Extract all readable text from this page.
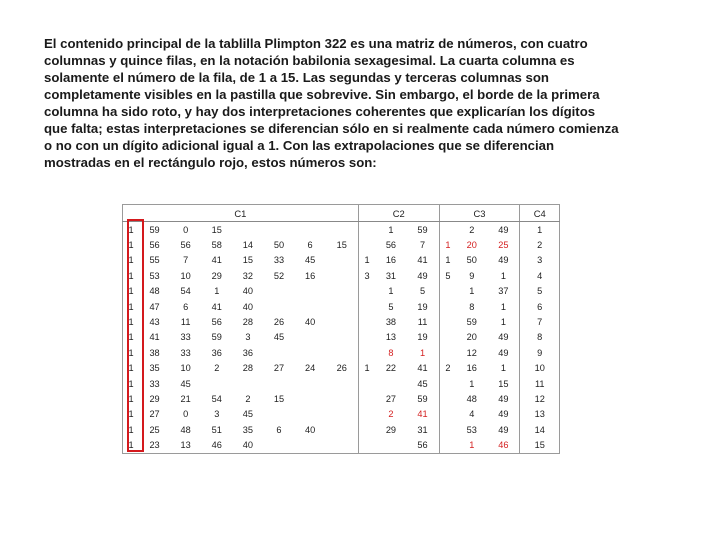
El contenido principal de la tablilla Plimpton 322 es una matriz de números, con cuatro columnas y quince filas, en la notación babilonia sexagesimal. La cuarta columna es solamente el número de la fila, de 1 a 15. Las segundas y terceras columnas son completamente visibles en la pastilla que sobrevive. Sin embargo, el borde de la primera columna ha sido roto, y hay dos interpretaciones coherentes que explicarían los dígitos que falta; estas interpretaciones se diferencian sólo en si realmente cada número comienza o no con un dígito adicional igual a 1. Con las extrapolaciones que se diferencian mostradas en el rectángulo rojo, estos números son:
C1								C2			C3			C4
1	59	0	15						1	59		2	49	1
1	56	56	58	14	50	6	15		56	7	1	20	25	2
1	55	7	41	15	33	45		1	16	41	1	50	49	3
1	53	10	29	32	52	16		3	31	49	5	9	1	4
1	48	54	1	40					1	5		1	37	5
1	47	6	41	40					5	19		8	1	6
1	43	11	56	28	26	40			38	11		59	1	7
1	41	33	59	3	45				13	19		20	49	8
1	38	33	36	36					8	1		12	49	9
1	35	10	2	28	27	24	26	1	22	41	2	16	1	10
1	33	45								45		1	15	11
1	29	21	54	2	15				27	59		48	49	12
1	27	0	3	45					2	41		4	49	13
1	25	48	51	35	6	40			29	31		53	49	14
1	23	13	46	40						56		1	46	15
